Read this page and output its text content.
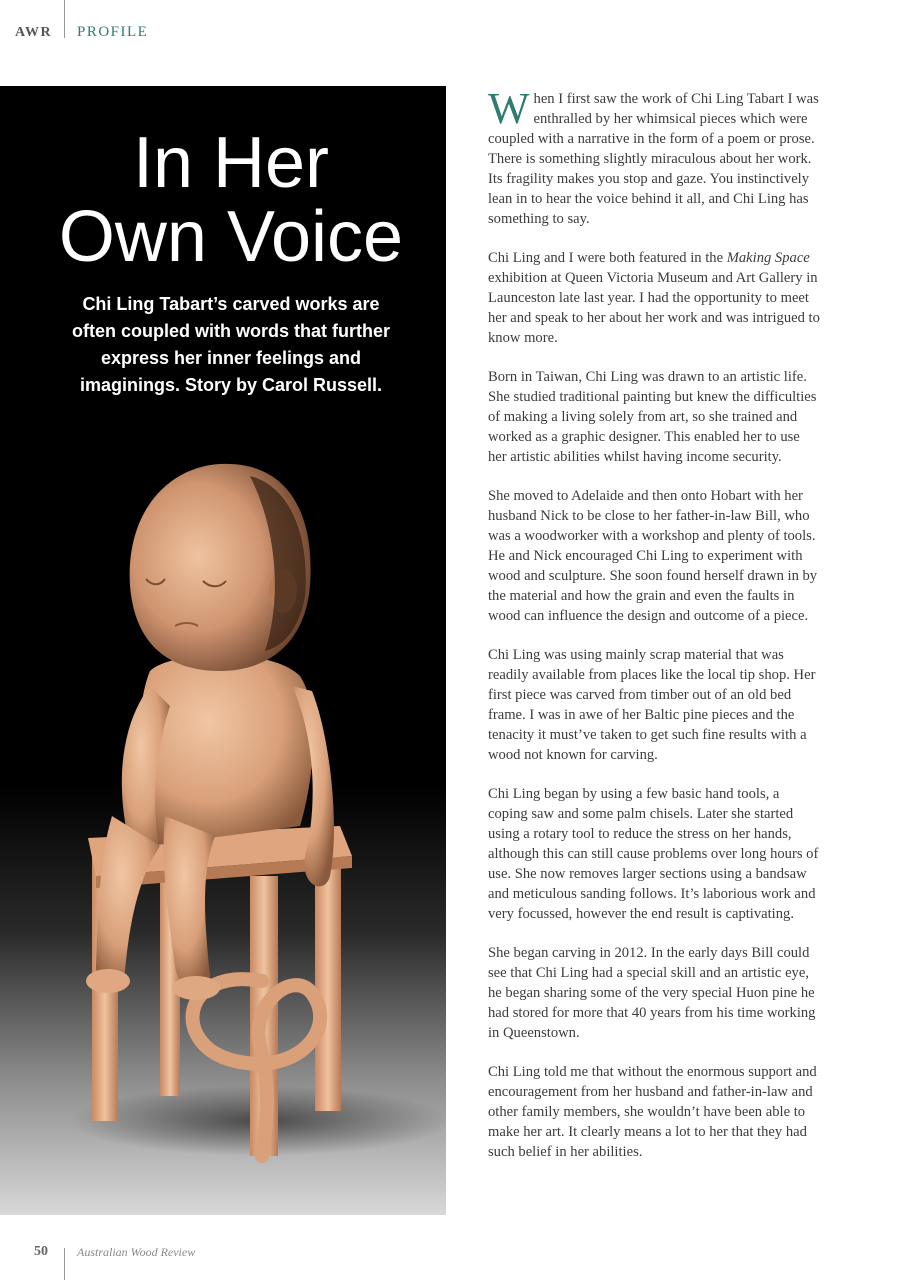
AWR PROFILE
In Her
Own Voice

Chi Ling Tabart’s carved works are often coupled with words that further express her inner feelings and imaginings. Story by Carol Russell.

When I first saw the work of Chi Ling Tabart I was enthralled by her whimsical pieces which were coupled with a narrative in the form of a poem or prose. There is something slightly miraculous about her work. Its fragility makes you stop and gaze. You instinctively lean in to hear the voice behind it all, and Chi Ling has something to say.

Chi Ling and I were both featured in the Making Space exhibition at Queen Victoria Museum and Art Gallery in Launceston late last year. I had the opportunity to meet her and speak to her about her work and was intrigued to know more.

Born in Taiwan, Chi Ling was drawn to an artistic life. She studied traditional painting but knew the difficulties of making a living solely from art, so she trained and worked as a graphic designer. This enabled her to use her artistic abilities whilst having income security.

She moved to Adelaide and then onto Hobart with her husband Nick to be close to her father-in-law Bill, who was a woodworker with a workshop and plenty of tools. He and Nick encouraged Chi Ling to experiment with wood and sculpture. She soon found herself drawn in by the material and how the grain and even the faults in wood can influence the design and outcome of a piece.

Chi Ling was using mainly scrap material that was readily available from places like the local tip shop. Her first piece was carved from timber out of an old bed frame. I was in awe of her Baltic pine pieces and the tenacity it must’ve taken to get such fine results with a wood not known for carving.

Chi Ling began by using a few basic hand tools, a coping saw and some palm chisels. Later she started using a rotary tool to reduce the stress on her hands, although this can still cause problems over long hours of use. She now removes larger sections using a bandsaw and meticulous sanding follows. It’s laborious work and very focussed, however the end result is captivating.

She began carving in 2012. In the early days Bill could see that Chi Ling had a special skill and an artistic eye, he began sharing some of the very special Huon pine he had stored for more that 40 years from his time working in Queenstown.

Chi Ling told me that without the enormous support and encouragement from her husband and father-in-law and other family members, she wouldn’t have been able to make her art. It clearly means a lot to her that they had such belief in her abilities.

50 Australian Wood Review
